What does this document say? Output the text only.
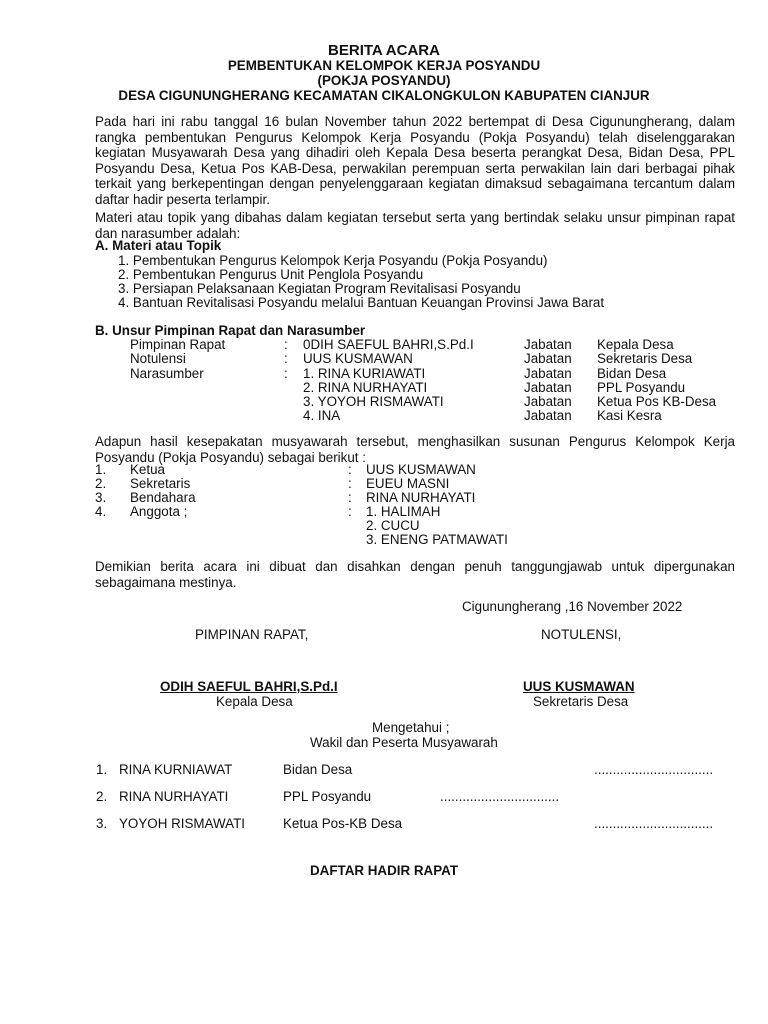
BERITA ACARA
PEMBENTUKAN KELOMPOK KERJA POSYANDU
(POKJA POSYANDU)
DESA CIGUNUNGHERANG KECAMATAN CIKALONGKULON KABUPATEN CIANJUR
Pada hari ini rabu tanggal 16 bulan November tahun 2022 bertempat di Desa Cigunungherang, dalam rangka pembentukan Pengurus Kelompok Kerja Posyandu (Pokja Posyandu) telah diselenggarakan kegiatan Musyawarah Desa yang dihadiri oleh Kepala Desa beserta perangkat Desa, Bidan Desa, PPL Posyandu Desa, Ketua Pos KAB-Desa, perwakilan perempuan serta perwakilan lain dari berbagai pihak terkait yang berkepentingan dengan penyelenggaraan kegiatan dimaksud sebagaimana tercantum dalam daftar hadir peserta terlampir.
Materi atau topik yang dibahas dalam kegiatan tersebut serta yang bertindak selaku unsur pimpinan rapat dan narasumber adalah:
A. Materi atau Topik
1. Pembentukan Pengurus Kelompok Kerja Posyandu (Pokja Posyandu)
2. Pembentukan Pengurus Unit Penglola Posyandu
3. Persiapan Pelaksanaan Kegiatan Program Revitalisasi Posyandu
4. Bantuan Revitalisasi Posyandu melalui Bantuan Keuangan Provinsi Jawa Barat
B. Unsur Pimpinan Rapat dan Narasumber
Pimpinan Rapat	: 0DIH SAEFUL BAHRI,S.Pd.I	Jabatan Kepala Desa
Notulensi	: UUS KUSMAWAN	Jabatan Sekretaris Desa
Narasumber	: 1. RINA KURIAWATI	Jabatan Bidan Desa
2. RINA NURHAYATI	Jabatan PPL Posyandu
3. YOYOH RISMAWATI	Jabatan Ketua Pos KB-Desa
4. INA	Jabatan Kasi Kesra
Adapun hasil kesepakatan musyawarah tersebut, menghasilkan susunan Pengurus Kelompok Kerja Posyandu (Pokja Posyandu) sebagai berikut :
1. Ketua	: UUS KUSMAWAN
2. Sekretaris	: EUEU MASNI
3. Bendahara	: RINA NURHAYATI
4. Anggota ;	: 1. HALIMAH
2. CUCU
3. ENENG PATMAWATI
Demikian berita acara ini dibuat dan disahkan dengan penuh tanggungjawab untuk dipergunakan sebagaimana mestinya.
Cigunungherang ,16 November 2022
PIMPINAN RAPAT,	NOTULENSI,
ODIH SAEFUL BAHRI,S.Pd.I
Kepala Desa
UUS KUSMAWAN
Sekretaris Desa
Mengetahui ;
Wakil dan Peserta Musyawarah
1. RINA KURNIAWAT	Bidan Desa	................................
2. RINA NURHAYATI	PPL Posyandu	................................
3. YOYOH RISMAWATI	Ketua Pos-KB Desa	................................
DAFTAR HADIR RAPAT
